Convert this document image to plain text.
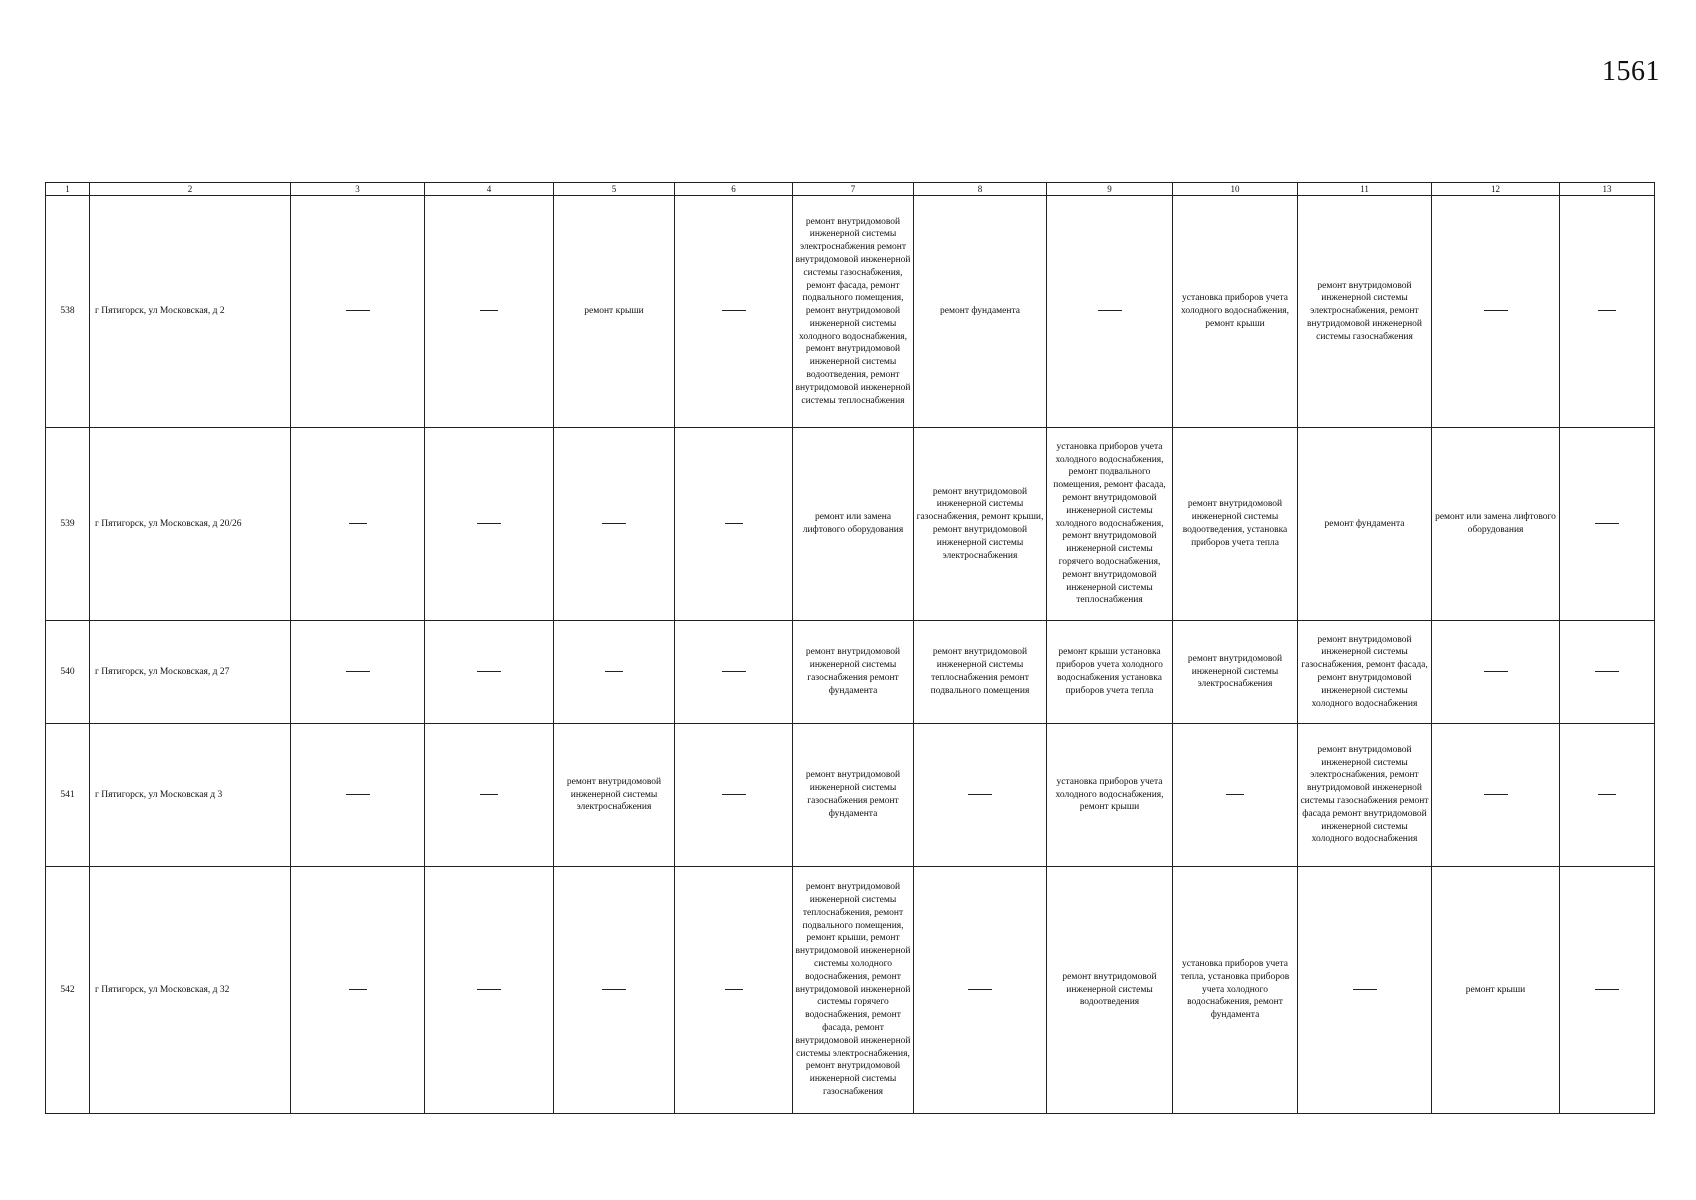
1561
1	2	3	4	5	6	7	8	9	10	11	12	13
538	г Пятигорск, ул Московская, д 2			ремонт крыши		ремонт внутридомовой инженерной системы электроснабжения ремонт внутридомовой инженерной системы газоснабжения, ремонт фасада, ремонт подвального помещения, ремонт внутридомовой инженерной системы холодного водоснабжения, ремонт внутридомовой инженерной системы водоотведения, ремонт внутридомовой инженерной системы теплоснабжения	ремонт фундамента		установка приборов учета холодного водоснабжения, ремонт крыши	ремонт внутридомовой инженерной системы электроснабжения, ремонт внутридомовой инженерной системы газоснабжения		
539	г Пятигорск, ул Московская, д 20/26					ремонт или замена лифтового оборудования	ремонт внутридомовой инженерной системы газоснабжения, ремонт крыши, ремонт внутридомовой инженерной системы электроснабжения	установка приборов учета холодного водоснабжения, ремонт подвального помещения, ремонт фасада, ремонт внутридомовой инженерной системы холодного водоснабжения, ремонт внутридомовой инженерной системы горячего водоснабжения, ремонт внутридомовой инженерной системы теплоснабжения	ремонт внутридомовой инженерной системы водоотведения, установка приборов учета тепла	ремонт фундамента	ремонт или замена лифтового оборудования	
540	г Пятигорск, ул Московская, д 27					ремонт внутридомовой инженерной системы газоснабжения ремонт фундамента	ремонт внутридомовой инженерной системы теплоснабжения ремонт подвального помещения	ремонт крыши установка приборов учета холодного водоснабжения установка приборов учета тепла	ремонт внутридомовой инженерной системы электроснабжения	ремонт внутридомовой инженерной системы газоснабжения, ремонт фасада, ремонт внутридомовой инженерной системы холодного водоснабжения		
541	г Пятигорск, ул Московская д 3			ремонт внутридомовой инженерной системы электроснабжения		ремонт внутридомовой инженерной системы газоснабжения ремонт фундамента		установка приборов учета холодного водоснабжения, ремонт крыши		ремонт внутридомовой инженерной системы электроснабжения, ремонт внутридомовой инженерной системы газоснабжения ремонт фасада ремонт внутридомовой инженерной системы холодного водоснабжения		
542	г Пятигорск, ул Московская, д 32					ремонт внутридомовой инженерной системы теплоснабжения, ремонт подвального помещения, ремонт крыши, ремонт внутридомовой инженерной системы холодного водоснабжения, ремонт внутридомовой инженерной системы горячего водоснабжения, ремонт фасада, ремонт внутридомовой инженерной системы электроснабжения, ремонт внутридомовой инженерной системы газоснабжения		ремонт внутридомовой инженерной системы водоотведения	установка приборов учета тепла, установка приборов учета холодного водоснабжения, ремонт фундамента		ремонт крыши	
